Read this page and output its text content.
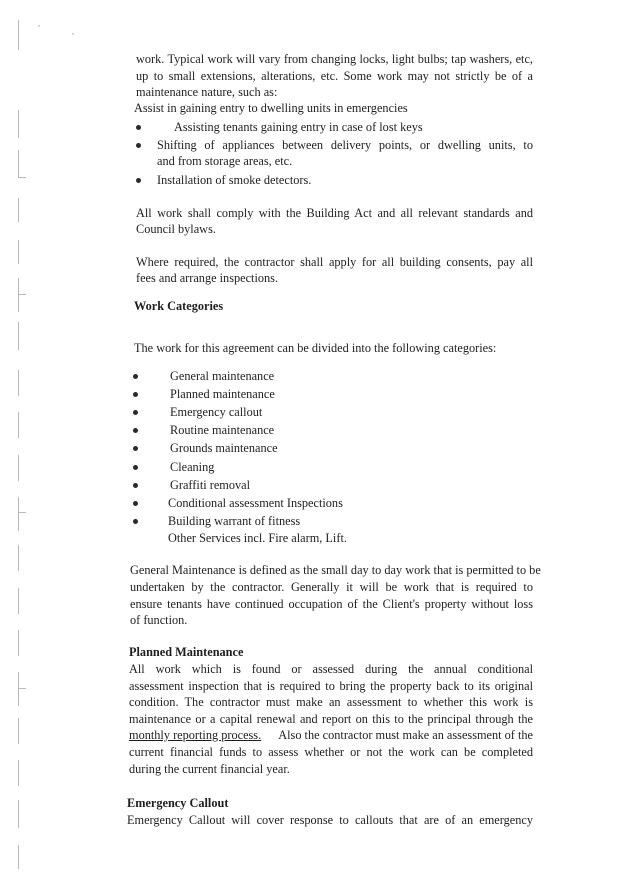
work. Typical work will vary from changing locks, light bulbs; tap washers, etc,
up to small extensions, alterations, etc. Some work may not strictly be of a
maintenance nature, such as:
Assist in gaining entry to dwelling units in emergencies
Assisting tenants gaining entry in case of lost keys
Shifting of appliances between delivery points, or dwelling units, to
and from storage areas, etc.
Installation of smoke detectors.
All work shall comply with the Building Act and all relevant standards and
Council bylaws.
Where required, the contractor shall apply for all building consents, pay all
fees and arrange inspections.
Work Categories
The work for this agreement can be divided into the following categories:
General maintenance
Planned maintenance
Emergency callout
Routine maintenance
Grounds maintenance
Cleaning
Graffiti removal
Conditional assessment Inspections
Building warrant of fitness
Other Services incl. Fire alarm, Lift.
General Maintenance is defined as the small day to day work that is permitted to be
undertaken by the contractor. Generally it will be work that is required to
ensure tenants have continued occupation of the Client's property without loss
of function.
Planned Maintenance
All work which is found or assessed during the annual conditional
assessment inspection that is required to bring the property back to its original
condition. The contractor must make an assessment to whether this work is
maintenance or a capital renewal and report on this to the principal through the
monthly reporting process. Also the contractor must make an assessment of the
current financial funds to assess whether or not the work can be completed
during the current financial year.
Emergency Callout
Emergency Callout will cover response to callouts that are of an emergency
